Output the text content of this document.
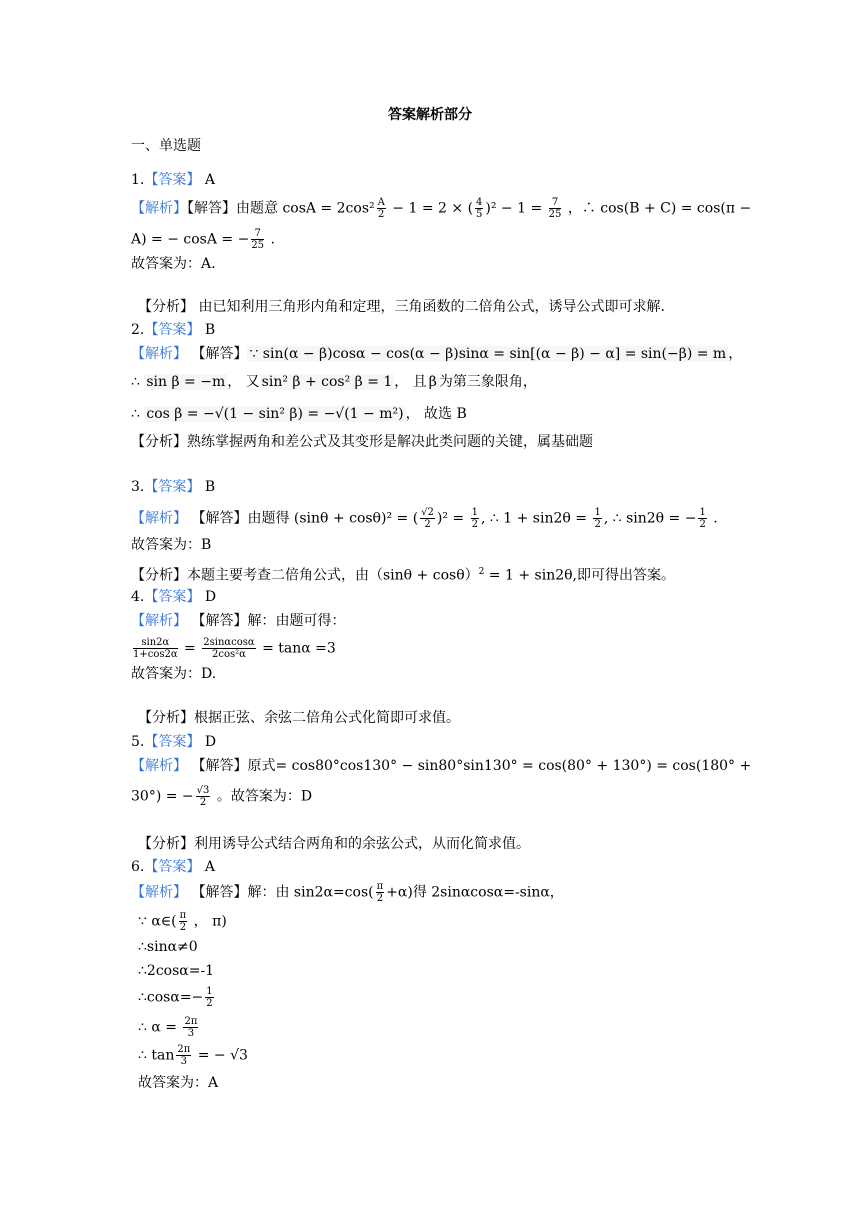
答案解析部分
一、单选题
1.【答案】 A
【解析】【解答】由题意 $\cos A = 2\cos^2 \frac{A}{2} - 1 = 2$ × ( $\frac{4}{5} )^2 - 1 = \frac{7}{25}$ ，∴ cos(B + C) = cos(π −
A) = − cosA = − $\frac{7}{25}$ .
故答案为：A.
【分析】 由已知利用三角形内角和定理，三角函数的二倍角公式，诱导公式即可求解.
2.【答案】 B
【解析】 【解答】 ∵ sin(α − β)cosα − cos(α − β)sinα = sin[(α − β) − α] = sin(−β) = m ，
∴ sin β = −m ， 又 sin² β + cos² β = 1 ， 且 β 为第三象限角，
∴ cos β = −√(1 − sin² β) = −√(1 − m²) ， 故选 B
【分析】熟练掌握两角和差公式及其变形是解决此类问题的关键，属基础题
3.【答案】 B
【解析】 【解答】由题得 (sinθ + cosθ)² = ( $\frac{√2}{2} )^2 = \frac{1}{2}$ , ∴ $1 + \sin 2\theta = \frac{1}{2}$ , ∴ sin2θ = − $\frac{1}{2}$ .
故答案为：B
【分析】本题主要考查二倍角公式，由$(\sin\theta + \cos\theta)^2 = 1 + \sin 2\theta$,即可得出答案。
4.【答案】 D
【解析】 【解答】解：由题可得：
$\frac{\sin 2\alpha}{1+\cos 2\alpha} = \frac{2\sin\alpha\cos\alpha}{\text{2cos²α}} = \tan\alpha =3$
故答案为：D.
【分析】根据正弦、余弦二倍角公式化简即可求值。
5.【答案】 D
【解析】 【解答】原式= cos80°cos130° − sin80°sin130° = cos(80° + 130°) = cos(180° +
30°) = − $\frac{√3}{2}$ 。故答案为：D
【分析】利用诱导公式结合两角和的余弦公式，从而化简求值。
6.【答案】 A
【解析】 【解答】解：由 $\sin 2\alpha=\cos( \frac{\pi}{2} +\alpha)$得 2sinαcosα=-sinα，
∵ α∈( $\frac{\pi}{2}$ ， π)
∴sinα≠0
∴2cosα=-1
∴cosα=− $\frac{1}{2}$
∴ $\alpha = \frac{2\pi}{3}$
∴ $\tan \frac{2\pi}{3}$ = − √3
故答案为：A
